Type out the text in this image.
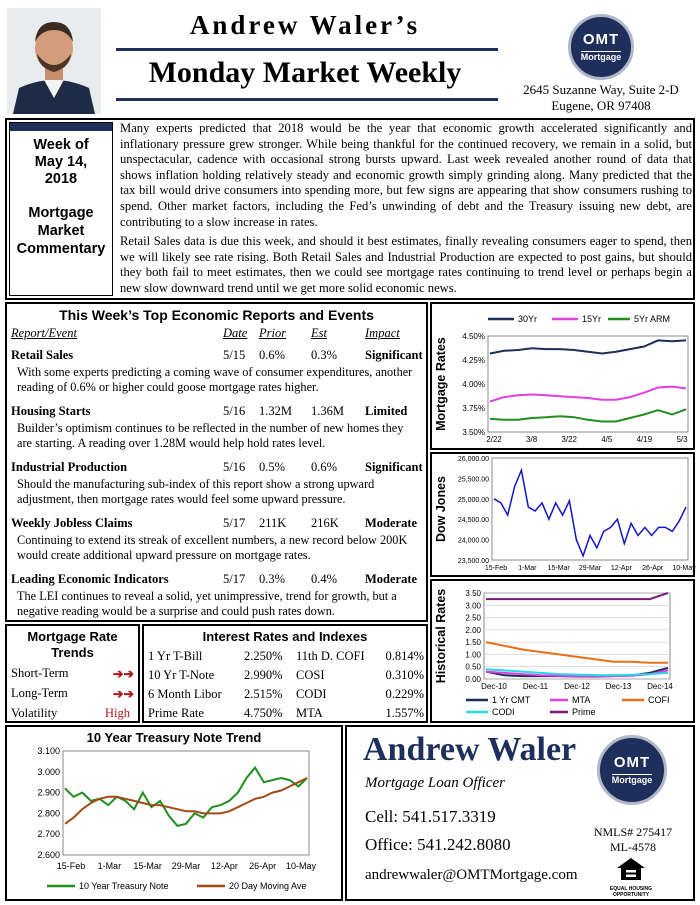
Andrew Waler’s
Monday Market Weekly
OMT
Mortgage
2645 Suzanne Way, Suite 2-D
Eugene, OR 97408
Week of
May 14,
2018
Mortgage
Market
Commentary
Many experts predicted that 2018 would be the year that economic growth accelerated significantly and inflationary pressure grew stronger. While being thankful for the continued recovery, we remain in a solid, but unspectacular, cadence with occasional strong bursts upward. Last week revealed another round of data that shows inflation holding relatively steady and economic growth simply grinding along. Many predicted that the tax bill would drive consumers into spending more, but few signs are appearing that show consumers rushing to spend. Other market factors, including the Fed’s unwinding of debt and the Treasury issuing new debt, are contributing to a slow increase in rates.
Retail Sales data is due this week, and should it best estimates, finally revealing consumers eager to spend, then we will likely see rate rising. Both Retail Sales and Industrial Production are expected to post gains, but should they both fail to meet estimates, then we could see mortgage rates continuing to trend level or perhaps begin a new slow downward trend until we get more solid economic news.
This Week’s Top Economic Reports and Events
Report/Event	Date Prior Est	Impact
Retail Sales	5/15 0.6% 0.3% Significant
With some experts predicting a coming wave of consumer expenditures, another reading of 0.6% or higher could goose mortgage rates higher.
Housing Starts	5/16 1.32M 1.36M Limited
Builder’s optimism continues to be reflected in the number of new homes they are starting. A reading over 1.28M would help hold rates level.
Industrial Production	5/16 0.5% 0.6% Significant
Should the manufacturing sub-index of this report show a strong upward adjustment, then mortgage rates would feel some upward pressure.
Weekly Jobless Claims	5/17 211K 216K Moderate
Continuing to extend its streak of excellent numbers, a new record below 200K would create additional upward pressure on mortgage rates.
Leading Economic Indicators	5/17 0.3% 0.4% Moderate
The LEI continues to reveal a solid, yet unimpressive, trend for growth, but a negative reading would be a surprise and could push rates down.
Mortgage Rate
Trends
Short-Term	➔➔
Long-Term	➔➔
Volatility	High
Interest Rates and Indexes
1 Yr T-Bill	2.250% 11th D. COFI 0.814%
10 Yr T-Note 2.990% COSI	0.310%
6 Month Libor 2.515% CODI	0.229%
Prime Rate	4.750% MTA	1.557%
4.50%
4.25%
4.00%
3.75%
3.50%
2/22	3/8	3/22	4/5	4/19	5/3
Mortgage Rates
30Yr	15Yr	5Yr ARM
26,000.00
25,500.00
25,000.00
24,500.00
24,000.00
23,500.00
15-Feb 1-Mar 15-Mar 29-Mar 12-Apr 26-Apr 10-May
Dow Jones
3.50
3.00
2.50
2.00
1.50
1.00
0.50
0.00
Dec-10 Dec-11 Dec-12 Dec-13 Dec-14
Historical Rates
1 Yr CMT	MTA	COFI
CODI	Prime
3.100
3.000
2.900
2.800
2.700
2.600
15-Feb 1-Mar 15-Mar 29-Mar 12-Apr 26-Apr 10-May
10 Year Treasury Note Trend
10 Year Treasury Note	20 Day Moving Ave
Andrew Waler
Mortgage Loan Officer
Cell: 541.517.3319
Office: 541.242.8080
andrewwaler@OMTMortgage.com
OMT
Mortgage
NMLS# 275417
ML-4578
EQUAL HOUSING
OPPORTUNITY
